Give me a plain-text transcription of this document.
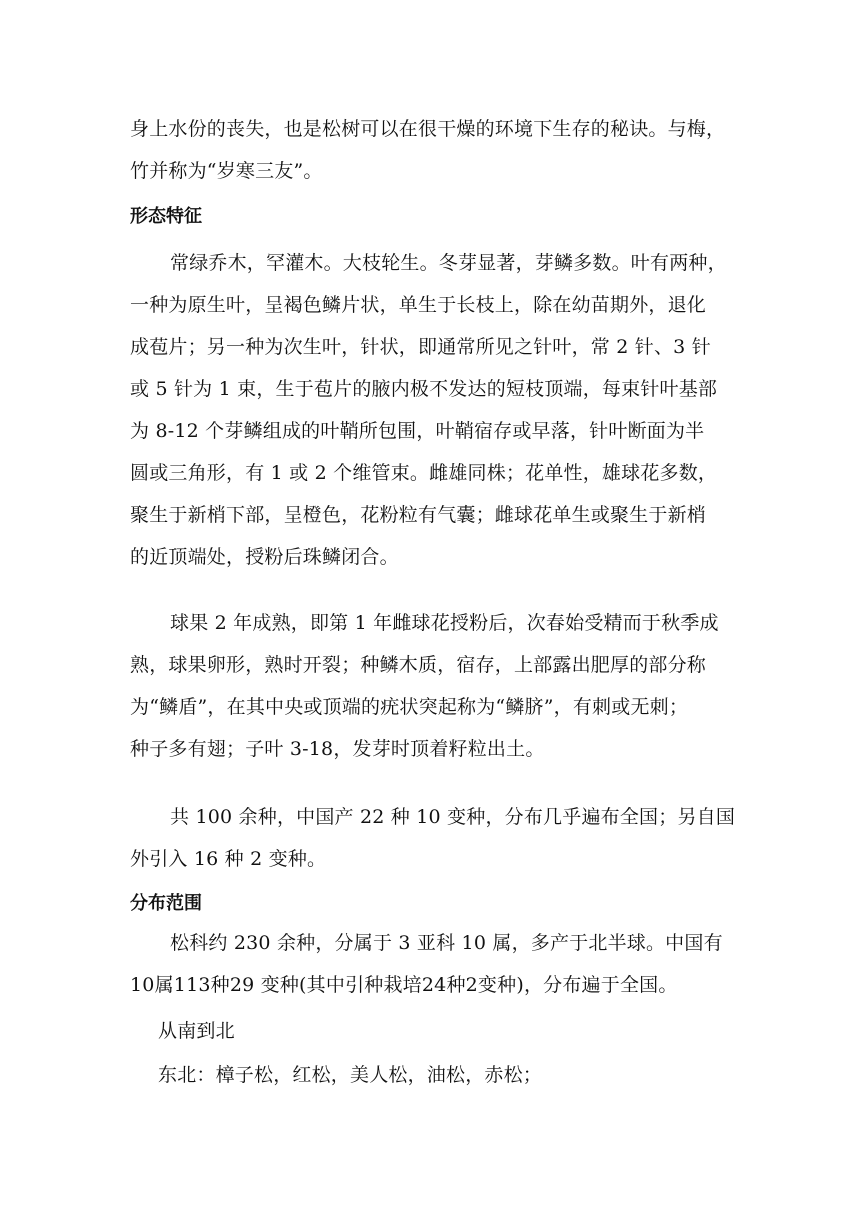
身上水份的丧失，也是松树可以在很干燥的环境下生存的秘诀。与梅，
竹并称为“岁寒三友”。
形态特征
常绿乔木，罕灌木。大枝轮生。冬芽显著，芽鳞多数。叶有两种，
一种为原生叶，呈褐色鳞片状，单生于长枝上，除在幼苗期外，退化
成苞片；另一种为次生叶，针状，即通常所见之针叶，常 2 针、3 针
或 5 针为 1 束，生于苞片的腋内极不发达的短枝顶端，每束针叶基部
为 8-12 个芽鳞组成的叶鞘所包围，叶鞘宿存或早落，针叶断面为半
圆或三角形，有 1 或 2 个维管束。雌雄同株；花单性，雄球花多数，
聚生于新梢下部，呈橙色，花粉粒有气囊；雌球花单生或聚生于新梢
的近顶端处，授粉后珠鳞闭合。
球果 2 年成熟，即第 1 年雌球花授粉后，次春始受精而于秋季成
熟，球果卵形，熟时开裂；种鳞木质，宿存，上部露出肥厚的部分称
为“鳞盾”，在其中央或顶端的疣状突起称为“鳞脐”，有刺或无刺；
种子多有翅；子叶 3-18，发芽时顶着籽粒出土。
共 100 余种，中国产 22 种 10 变种，分布几乎遍布全国；另自国
外引入 16 种 2 变种。
分布范围
松科约 230 余种，分属于 3 亚科 10 属，多产于北半球。中国有
10属113种29 变种(其中引种栽培24种2变种)，分布遍于全国。
从南到北
东北：樟子松，红松，美人松，油松，赤松；
